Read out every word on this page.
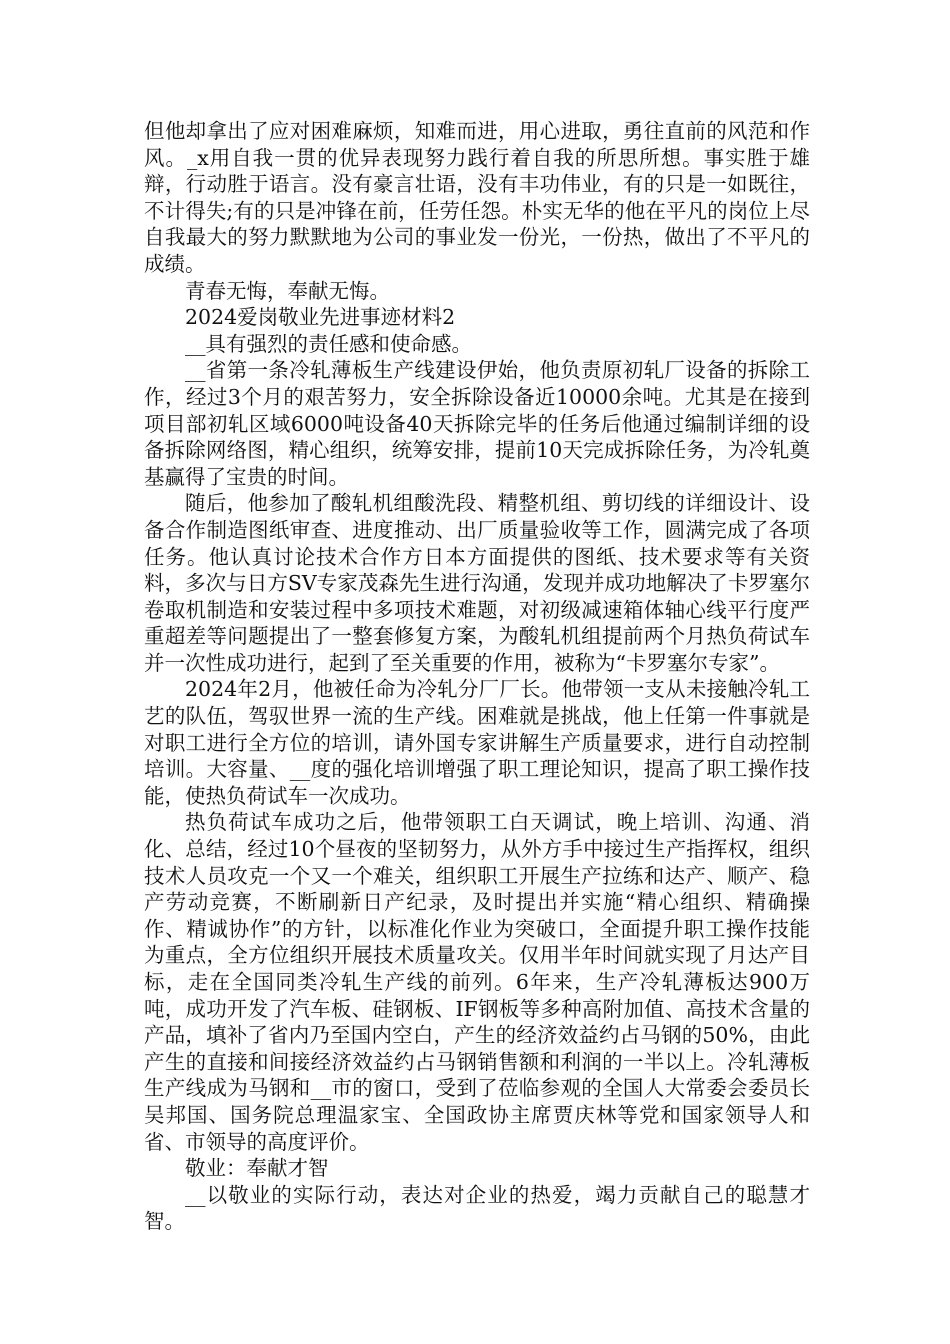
但他却拿出了应对困难麻烦，知难而进，用心进取，勇往直前的风范和作风。_x用自我一贯的优异表现努力践行着自我的所思所想。事实胜于雄辩，行动胜于语言。没有豪言壮语，没有丰功伟业，有的只是一如既往，不计得失;有的只是冲锋在前，任劳任怨。朴实无华的他在平凡的岗位上尽自我最大的努力默默地为公司的事业发一份光，一份热，做出了不平凡的成绩。

青春无悔，奉献无悔。

2024爱岗敬业先进事迹材料2

__具有强烈的责任感和使命感。

__省第一条冷轧薄板生产线建设伊始，他负责原初轧厂设备的拆除工作，经过3个月的艰苦努力，安全拆除设备近10000余吨。尤其是在接到项目部初轧区域6000吨设备40天拆除完毕的任务后他通过编制详细的设备拆除网络图，精心组织，统筹安排，提前10天完成拆除任务，为冷轧奠基赢得了宝贵的时间。

随后，他参加了酸轧机组酸洗段、精整机组、剪切线的详细设计、设备合作制造图纸审查、进度推动、出厂质量验收等工作，圆满完成了各项任务。他认真讨论技术合作方日本方面提供的图纸、技术要求等有关资料，多次与日方SV专家茂森先生进行沟通，发现并成功地解决了卡罗塞尔卷取机制造和安装过程中多项技术难题，对初级减速箱体轴心线平行度严重超差等问题提出了一整套修复方案，为酸轧机组提前两个月热负荷试车并一次性成功进行，起到了至关重要的作用，被称为“卡罗塞尔专家”。

2024年2月，他被任命为冷轧分厂厂长。他带领一支从未接触冷轧工艺的队伍，驾驭世界一流的生产线。困难就是挑战，他上任第一件事就是对职工进行全方位的培训，请外国专家讲解生产质量要求，进行自动控制培训。大容量、__度的强化培训增强了职工理论知识，提高了职工操作技能，使热负荷试车一次成功。

热负荷试车成功之后，他带领职工白天调试，晚上培训、沟通、消化、总结，经过10个昼夜的坚韧努力，从外方手中接过生产指挥权，组织技术人员攻克一个又一个难关，组织职工开展生产拉练和达产、顺产、稳产劳动竞赛，不断刷新日产纪录，及时提出并实施“精心组织、精确操作、精诚协作”的方针，以标准化作业为突破口，全面提升职工操作技能为重点，全方位组织开展技术质量攻关。仅用半年时间就实现了月达产目标，走在全国同类冷轧生产线的前列。6年来，生产冷轧薄板达900万吨，成功开发了汽车板、硅钢板、IF钢板等多种高附加值、高技术含量的产品，填补了省内乃至国内空白，产生的经济效益约占马钢的50%，由此产生的直接和间接经济效益约占马钢销售额和利润的一半以上。冷轧薄板生产线成为马钢和__市的窗口，受到了莅临参观的全国人大常委会委员长吴邦国、国务院总理温家宝、全国政协主席贾庆林等党和国家领导人和省、市领导的高度评价。

敬业：奉献才智

__以敬业的实际行动，表达对企业的热爱，竭力贡献自己的聪慧才智。
